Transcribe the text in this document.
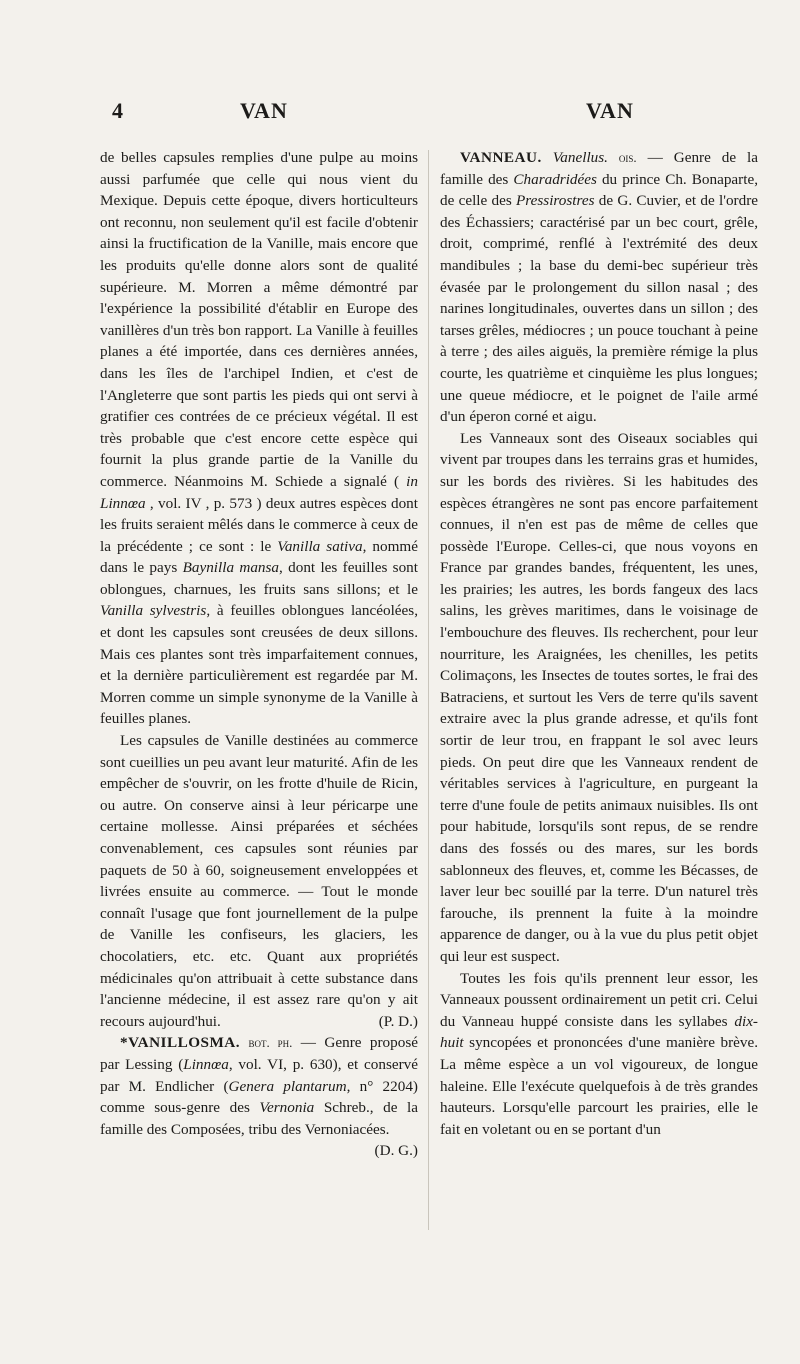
4	VAN	VAN

de belles capsules remplies d'une pulpe au moins aussi parfumée que celle qui nous vient du Mexique. Depuis cette époque, divers horticulteurs ont reconnu, non seulement qu'il est facile d'obtenir ainsi la fructification de la Vanille, mais encore que les produits qu'elle donne alors sont de qualité supérieure. M. Morren a même démontré par l'expérience la possibilité d'établir en Europe des vanillères d'un très bon rapport. La Vanille à feuilles planes a été importée, dans ces dernières années, dans les îles de l'archipel Indien, et c'est de l'Angleterre que sont partis les pieds qui ont servi à gratifier ces contrées de ce précieux végétal. Il est très probable que c'est encore cette espèce qui fournit la plus grande partie de la Vanille du commerce. Néanmoins M. Schiede a signalé ( in Linnœa , vol. IV , p. 573 ) deux autres espèces dont les fruits seraient mêlés dans le commerce à ceux de la précédente ; ce sont : le Vanilla sativa, nommé dans le pays Baynilla mansa, dont les feuilles sont oblongues, charnues, les fruits sans sillons; et le Vanilla sylvestris, à feuilles oblongues lancéolées, et dont les capsules sont creusées de deux sillons. Mais ces plantes sont très imparfaitement connues, et la dernière particulièrement est regardée par M. Morren comme un simple synonyme de la Vanille à feuilles planes.

Les capsules de Vanille destinées au commerce sont cueillies un peu avant leur maturité. Afin de les empêcher de s'ouvrir, on les frotte d'huile de Ricin, ou autre. On conserve ainsi à leur péricarpe une certaine mollesse. Ainsi préparées et séchées convenablement, ces capsules sont réunies par paquets de 50 à 60, soigneusement enveloppées et livrées ensuite au commerce. — Tout le monde connaît l'usage que font journellement de la pulpe de Vanille les confiseurs, les glaciers, les chocolatiers, etc. etc. Quant aux propriétés médicinales qu'on attribuait à cette substance dans l'ancienne médecine, il est assez rare qu'on y ait recours aujourd'hui.	(P. D.)

*VANILLOSMA. bot. ph. — Genre proposé par Lessing (Linnœa, vol. VI, p. 630), et conservé par M. Endlicher (Genera plantarum, n° 2204) comme sous-genre des Vernonia Schreb., de la famille des Composées, tribu des Vernoniacées.
(D. G.)

VANNEAU. Vanellus. ois. — Genre de la famille des Charadridées du prince Ch. Bonaparte, de celle des Pressirostres de G. Cuvier, et de l'ordre des Échassiers; caractérisé par un bec court, grêle, droit, comprimé, renflé à l'extrémité des deux mandibules ; la base du demi-bec supérieur très évasée par le prolongement du sillon nasal ; des narines longitudinales, ouvertes dans un sillon ; des tarses grêles, médiocres ; un pouce touchant à peine à terre ; des ailes aiguës, la première rémige la plus courte, les quatrième et cinquième les plus longues; une queue médiocre, et le poignet de l'aile armé d'un éperon corné et aigu.

Les Vanneaux sont des Oiseaux sociables qui vivent par troupes dans les terrains gras et humides, sur les bords des rivières. Si les habitudes des espèces étrangères ne sont pas encore parfaitement connues, il n'en est pas de même de celles que possède l'Europe. Celles-ci, que nous voyons en France par grandes bandes, fréquentent, les unes, les prairies; les autres, les bords fangeux des lacs salins, les grèves maritimes, dans le voisinage de l'embouchure des fleuves. Ils recherchent, pour leur nourriture, les Araignées, les chenilles, les petits Colimaçons, les Insectes de toutes sortes, le frai des Batraciens, et surtout les Vers de terre qu'ils savent extraire avec la plus grande adresse, et qu'ils font sortir de leur trou, en frappant le sol avec leurs pieds. On peut dire que les Vanneaux rendent de véritables services à l'agriculture, en purgeant la terre d'une foule de petits animaux nuisibles. Ils ont pour habitude, lorsqu'ils sont repus, de se rendre dans des fossés ou des mares, sur les bords sablonneux des fleuves, et, comme les Bécasses, de laver leur bec souillé par la terre. D'un naturel très farouche, ils prennent la fuite à la moindre apparence de danger, ou à la vue du plus petit objet qui leur est suspect.

Toutes les fois qu'ils prennent leur essor, les Vanneaux poussent ordinairement un petit cri. Celui du Vanneau huppé consiste dans les syllabes dix-huit syncopées et prononcées d'une manière brève. La même espèce a un vol vigoureux, de longue haleine. Elle l'exécute quelquefois à de très grandes hauteurs. Lorsqu'elle parcourt les prairies, elle le fait en voletant ou en se portant d'un
